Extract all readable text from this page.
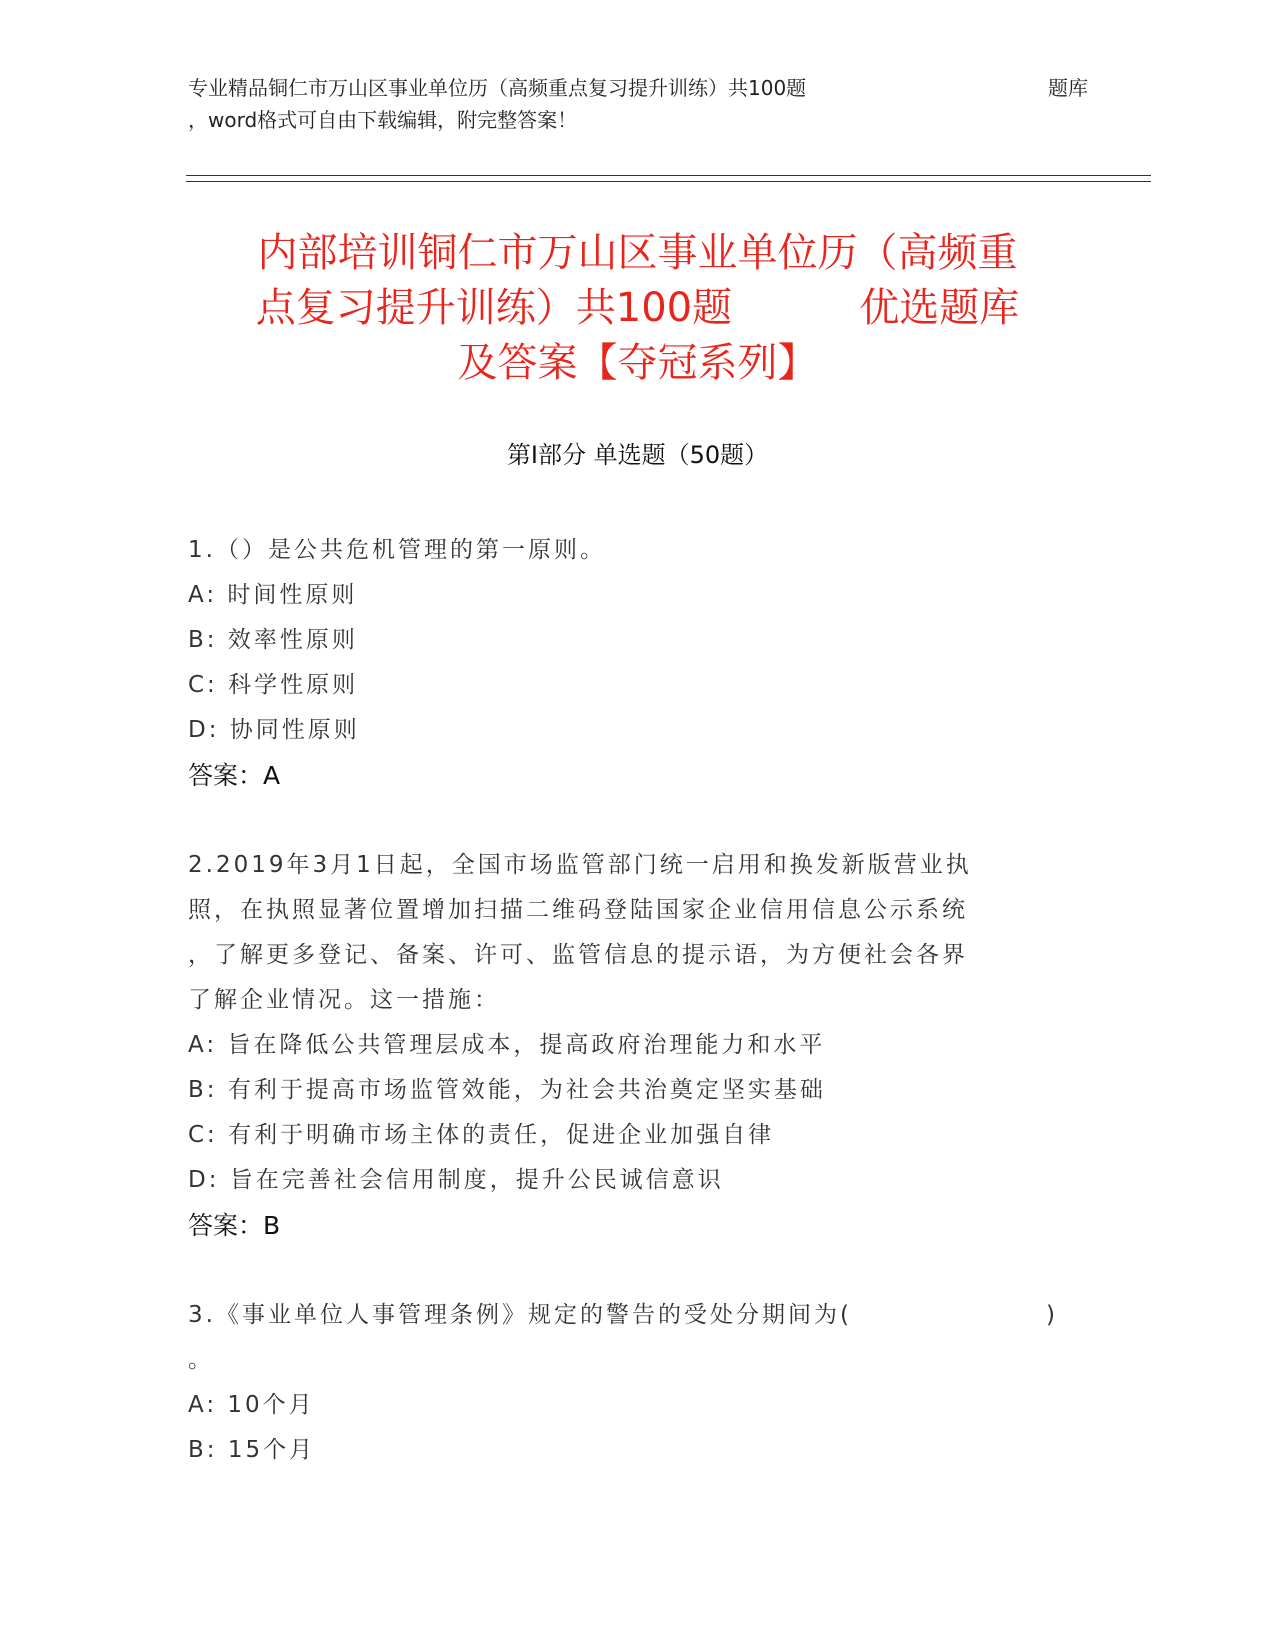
专业精品铜仁市万山区事业单位历（高频重点复习提升训练）共100题	题库
，word格式可自由下载编辑，附完整答案！
内部培训铜仁市万山区事业单位历（高频重
点复习提升训练）共100题          优选题库
及答案【夺冠系列】
第Ⅰ部分 单选题（50题）

1.（）是公共危机管理的第一原则。

A: 时间性原则

B: 效率性原则

C: 科学性原则

D: 协同性原则

答案：A

2.2019年3月1日起，全国市场监管部门统一启用和换发新版营业执

照，在执照显著位置增加扫描二维码登陆国家企业信用信息公示系统

，了解更多登记、备案、许可、监管信息的提示语，为方便社会各界

了解企业情况。这一措施：

A: 旨在降低公共管理层成本，提高政府治理能力和水平

B: 有利于提高市场监管效能，为社会共治奠定坚实基础

C: 有利于明确市场主体的责任，促进企业加强自律

D: 旨在完善社会信用制度，提升公民诚信意识

答案：B

3.《事业单位人事管理条例》规定的警告的受处分期间为(	)

。

A: 10个月

B: 15个月
